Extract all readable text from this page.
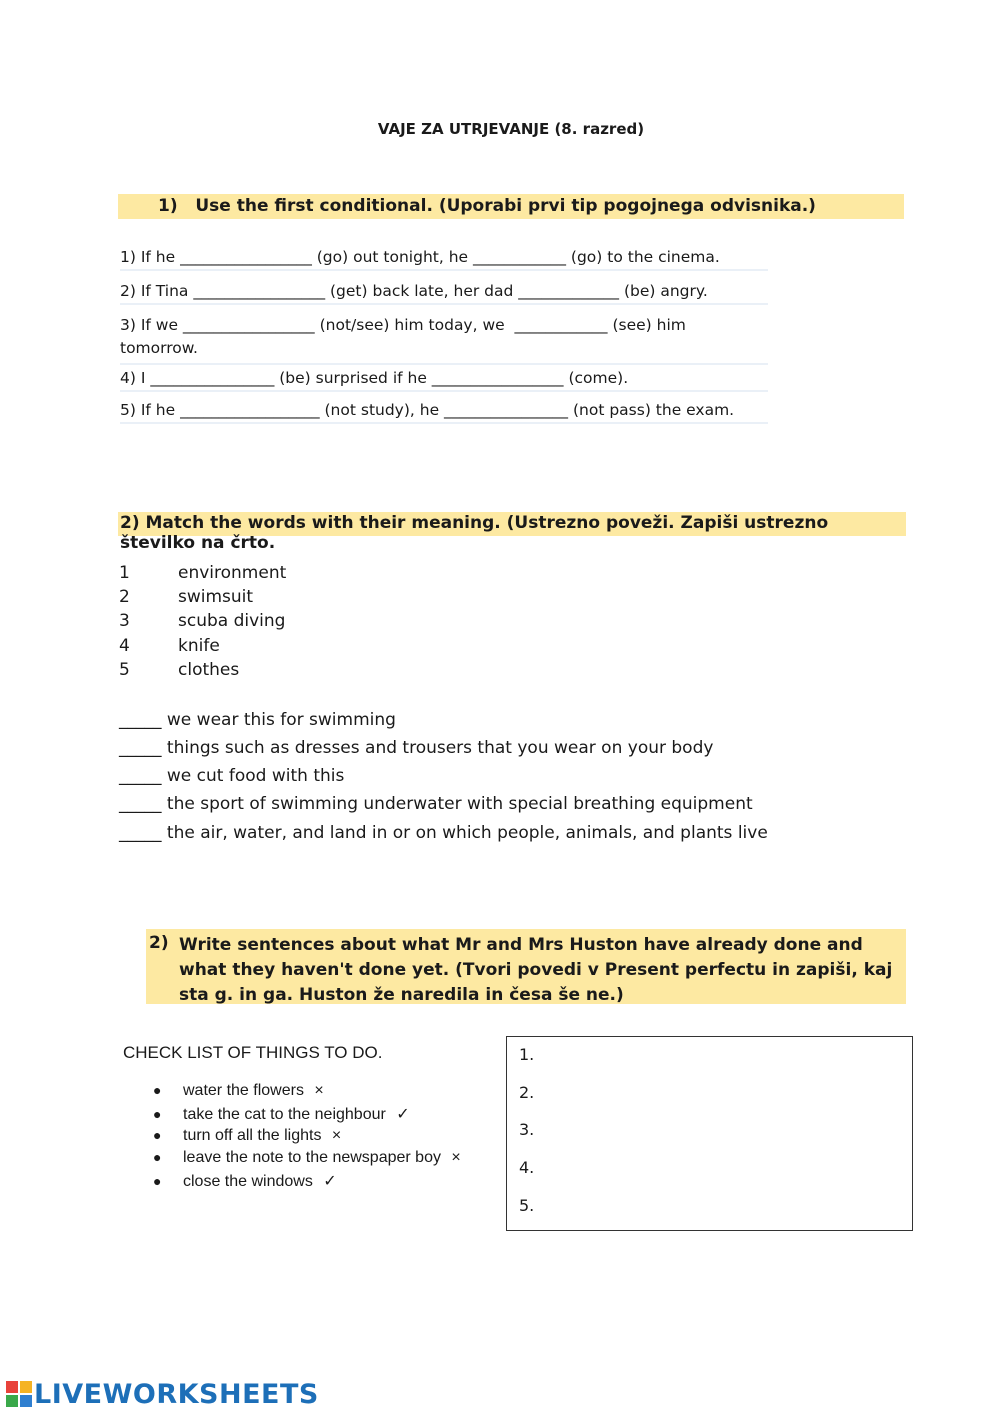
VAJE ZA UTRJEVANJE (8. razred)
1)   Use the first conditional. (Uporabi prvi tip pogojnega odvisnika.)
1) If he _________________ (go) out tonight, he ____________ (go) to the cinema.
2) If Tina _________________ (get) back late, her dad _____________ (be) angry.
3) If we _________________ (not/see) him today, we  ____________ (see) him tomorrow.
4) I ________________ (be) surprised if he _________________ (come).
5) If he __________________ (not study), he ________________ (not pass) the exam.
2) Match the words with their meaning. (Ustrezno poveži. Zapiši ustrezno številko na črto.
1	environment
2	swimsuit
3	scuba diving
4	knife
5	clothes
_____ we wear this for swimming
_____ things such as dresses and trousers that you wear on your body
_____ we cut food with this
_____ the sport of swimming underwater with special breathing equipment
_____ the air, water, and land in or on which people, animals, and plants live
2) Write sentences about what Mr and Mrs Huston have already done and what they haven't done yet. (Tvori povedi v Present perfectu in zapiši, kaj sta g. in ga. Huston že naredila in česa še ne.)
CHECK LIST OF THINGS TO DO.
● water the flowers ×
● take the cat to the neighbour ✓
● turn off all the lights ×
● leave the note to the newspaper boy ×
● close the windows ✓
1.
2.
3.
4.
5.
LIVEWORKSHEETS
